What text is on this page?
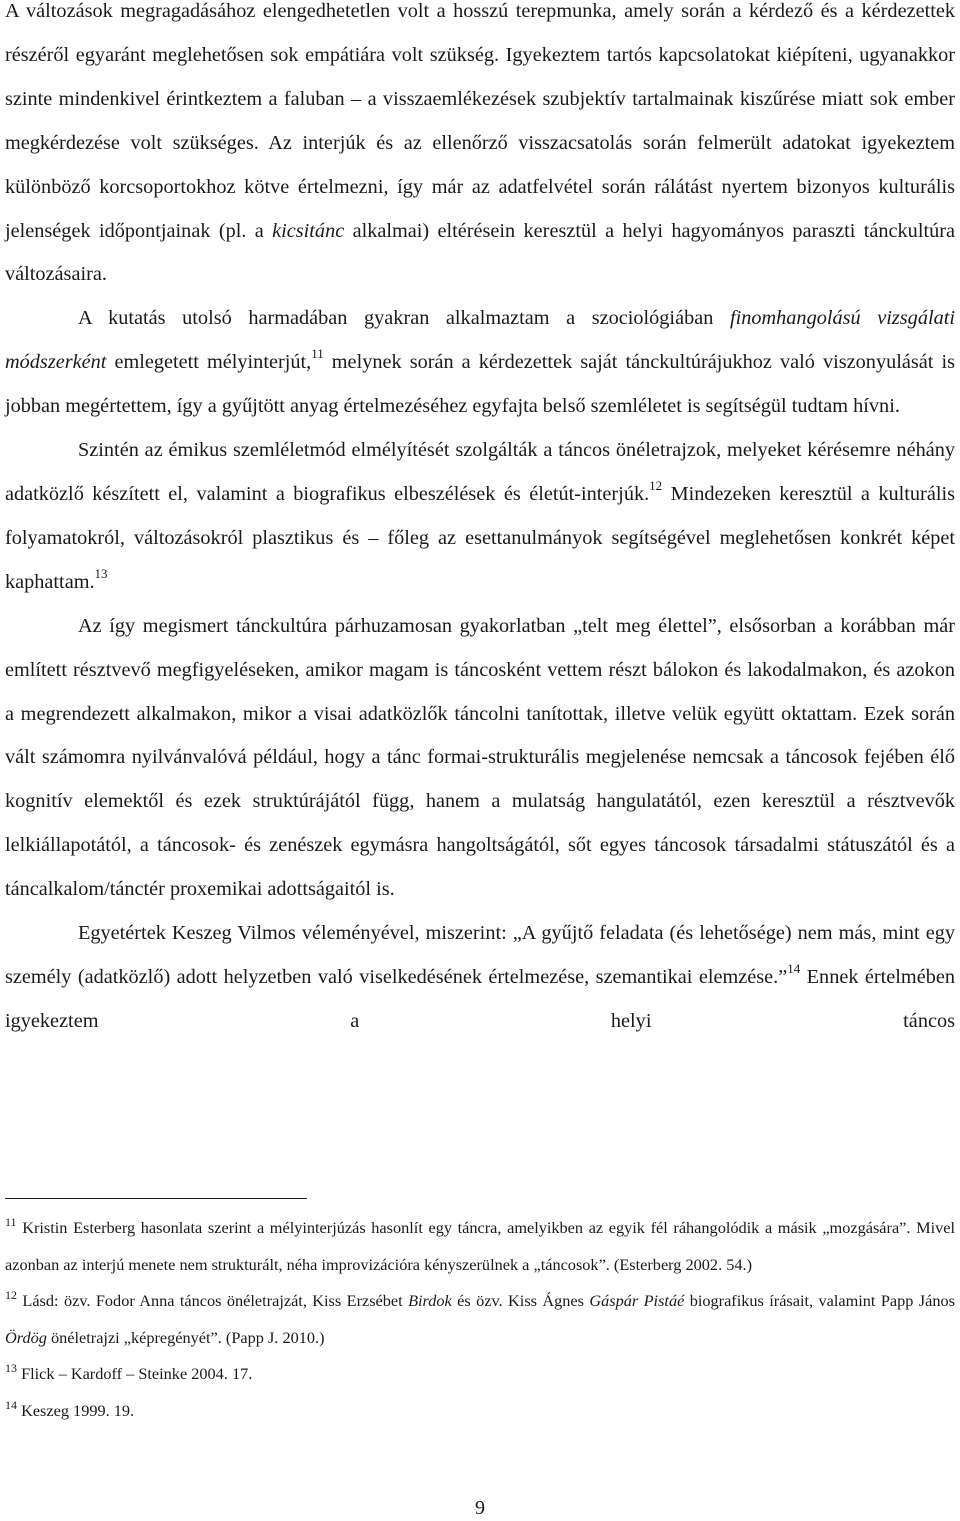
A változások megragadásához elengedhetetlen volt a hosszú terepmunka, amely során a kérdező és a kérdezettek részéről egyaránt meglehetősen sok empátiára volt szükség. Igyekeztem tartós kapcsolatokat kiépíteni, ugyanakkor szinte mindenkivel érintkeztem a faluban – a visszaemlékezések szubjektív tartalmainak kiszűrése miatt sok ember megkérdezése volt szükséges. Az interjúk és az ellenőrző visszacsatolás során felmerült adatokat igyekeztem különböző korcsoportokhoz kötve értelmezni, így már az adatfelvétel során rálátást nyertem bizonyos kulturális jelenségek időpontjainak (pl. a kicsitánc alkalmai) eltérésein keresztül a helyi hagyományos paraszti tánckultúra változásaira.

A kutatás utolsó harmadában gyakran alkalmaztam a szociológiában finomhangolású vizsgálati módszerként emlegetett mélyinterjút,$^{11}$ melynek során a kérdezettek saját tánckultúrájukhoz való viszonyulását is jobban megértettem, így a gyűjtött anyag értelmezéséhez egyfajta belső szemléletet is segítségül tudtam hívni.

Szintén az émikus szemléletmód elmélyítését szolgálták a táncos önéletrajzok, melyeket kérésemre néhány adatközlő készített el, valamint a biografikus elbeszélések és életút-interjúk.$^{12}$ Mindezeken keresztül a kulturális folyamatokról, változásokról plasztikus és – főleg az esettanulmányok segítségével meglehetősen konkrét képet kaphattam.$^{13}$

Az így megismert tánckultúra párhuzamosan gyakorlatban „telt meg élettel”, elsősorban a korábban már említett résztvevő megfigyeléseken, amikor magam is táncosként vettem részt bálokon és lakodalmakon, és azokon a megrendezett alkalmakon, mikor a visai adatközlők táncolni tanítottak, illetve velük együtt oktattam. Ezek során vált számomra nyilvánvalóvá például, hogy a tánc formai-strukturális megjelenése nemcsak a táncosok fejében élő kognitív elemektől és ezek struktúrájától függ, hanem a mulatság hangulatától, ezen keresztül a résztvevők lelkiállapotától, a táncosok- és zenészek egymásra hangoltságától, sőt egyes táncosok társadalmi státuszától és a táncalkalom/tánctér proxemikai adottságaitól is.

Egyetértek Keszeg Vilmos véleményével, miszerint: „A gyűjtő feladata (és lehetősége) nem más, mint egy személy (adatközlő) adott helyzetben való viselkedésének értelmezése, szemantikai elemzése.”$^{14}$ Ennek értelmében igyekeztem a helyi táncos

$^{11}$ Kristin Esterberg hasonlata szerint a mélyinterjúzás hasonlít egy táncra, amelyikben az egyik fél ráhangolódik a másik „mozgására”. Mivel azonban az interjú menete nem strukturált, néha improvizációra kényszerülnek a „táncosok”. (Esterberg 2002. 54.)

$^{12}$ Lásd: özv. Fodor Anna táncos önéletrajzát, Kiss Erzsébet Birdok és özv. Kiss Ágnes Gáspár Pistáé biografikus írásait, valamint Papp János Ördög önéletrajzi „képregényét”. (Papp J. 2010.)

$^{13}$ Flick – Kardoff – Steinke 2004. 17.

$^{14}$ Keszeg 1999. 19.

9
